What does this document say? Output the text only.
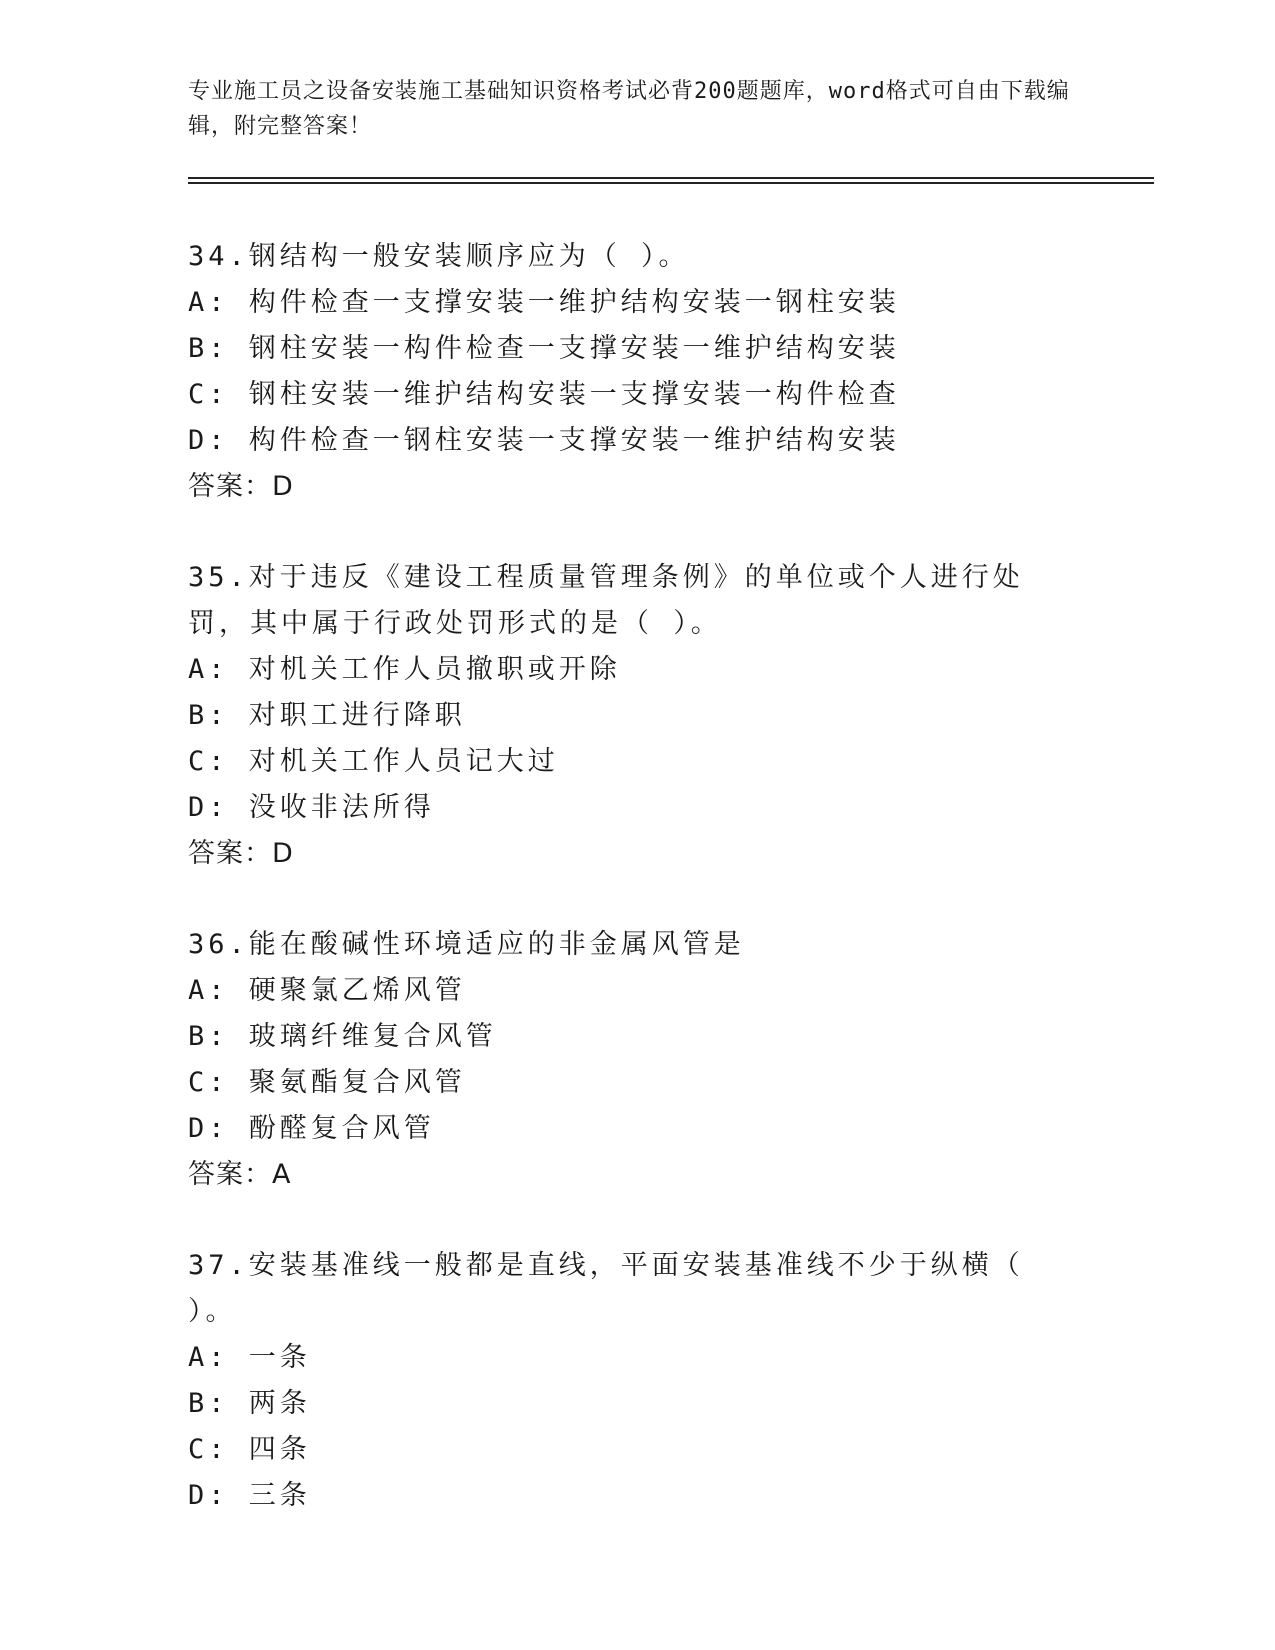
专业施工员之设备安装施工基础知识资格考试必背200题题库，word格式可自由下载编辑，附完整答案！
34.钢结构一般安装顺序应为（ ）。
A: 构件检查一支撑安装一维护结构安装一钢柱安装
B: 钢柱安装一构件检查一支撑安装一维护结构安装
C: 钢柱安装一维护结构安装一支撑安装一构件检查
D: 构件检查一钢柱安装一支撑安装一维护结构安装
答案：D
35.对于违反《建设工程质量管理条例》的单位或个人进行处罚，其中属于行政处罚形式的是（ ）。
A: 对机关工作人员撤职或开除
B: 对职工进行降职
C: 对机关工作人员记大过
D: 没收非法所得
答案：D
36.能在酸碱性环境适应的非金属风管是
A: 硬聚氯乙烯风管
B: 玻璃纤维复合风管
C: 聚氨酯复合风管
D: 酚醛复合风管
答案：A
37.安装基准线一般都是直线，平面安装基准线不少于纵横（ ）。
A: 一条
B: 两条
C: 四条
D: 三条
